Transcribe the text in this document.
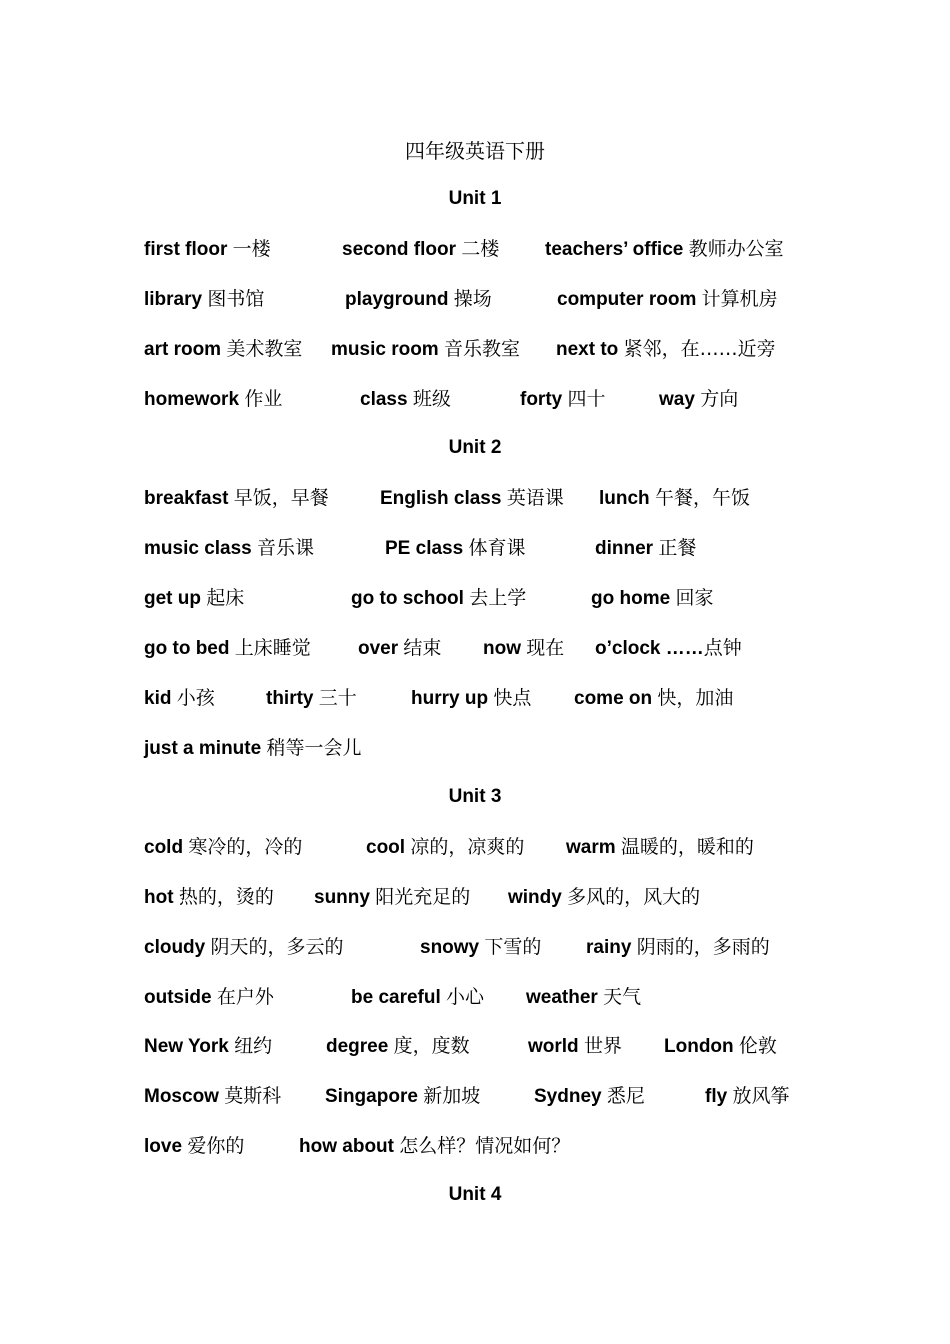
四年级英语下册
Unit 1
first floor 一楼	second floor 二楼 teachers’ office 教师办公室
library 图书馆	playground 操场	computer room 计算机房
art room 美术教室 music room 音乐教室 next to 紧邻，在……近旁
homework 作业	class 班级	forty 四十	way 方向
Unit 2
breakfast 早饭，早餐	English class 英语课 lunch 午餐，午饭
music class 音乐课	PE class 体育课	dinner 正餐
get up 起床	go to school 去上学	go home 回家
go to bed 上床睡觉 over 结束 now 现在 o’clock ……点钟
kid 小孩	thirty 三十	hurry up 快点 come on 快，加油
just a minute 稍等一会儿
Unit 3
cold 寒冷的，冷的	cool 凉的，凉爽的 warm 温暖的，暖和的
hot 热的，烫的 sunny 阳光充足的 windy 多风的，风大的
cloudy 阴天的，多云的	snowy 下雪的 rainy 阴雨的，多雨的
outside 在户外	be careful 小心 weather 天气
New York 纽约	degree 度，度数	world 世界 London 伦敦
Moscow 莫斯科 Singapore 新加坡	Sydney 悉尼	fly 放风筝
love 爱你的	how about 怎么样？情况如何？
Unit 4
